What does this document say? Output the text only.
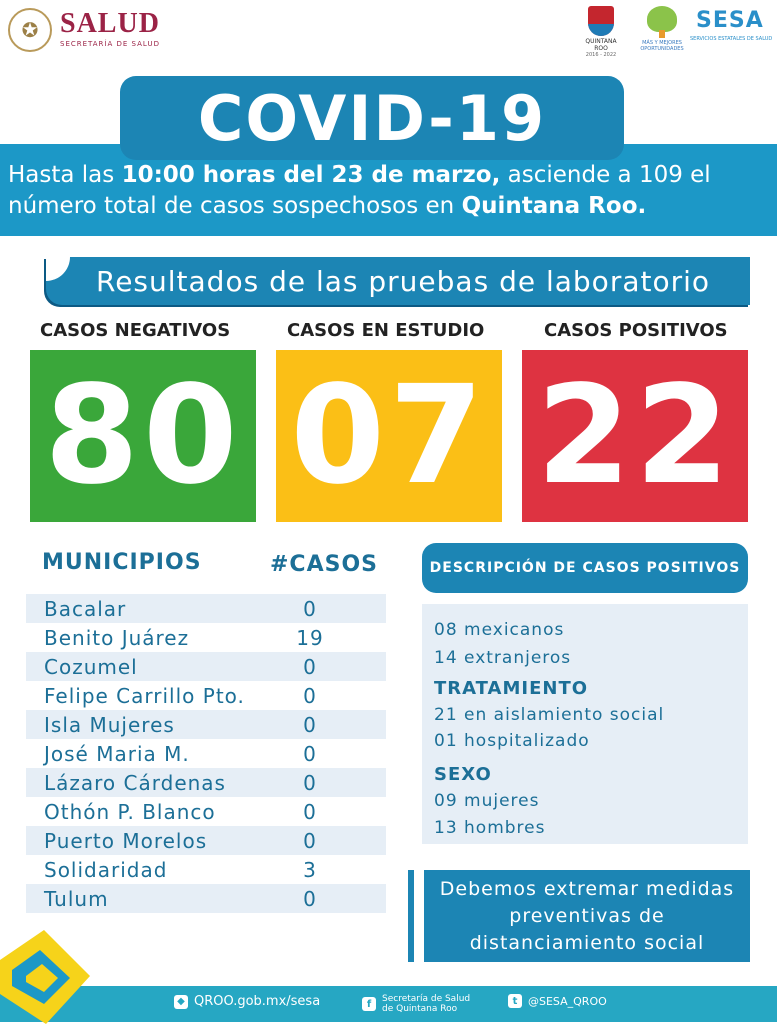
✪ SALUD
SECRETARÍA DE SALUD	QUINTANA ROO
2016 - 2022
MÁS Y MEJORES OPORTUNIDADES
SESA
SERVICIOS ESTATALES DE SALUD
COVID-19
Hasta las 10:00 horas del 23 de marzo, asciende a 109 el número total de casos sospechosos en Quintana Roo.
Resultados de las pruebas de laboratorio
CASOS NEGATIVOS	CASOS EN ESTUDIO	CASOS POSITIVOS
80 07 22
MUNICIPIOS	#CASOS
Bacalar	0
Benito Juárez	19
Cozumel	0
Felipe Carrillo Pto.	0
Isla Mujeres	0
José Maria M.	0
Lázaro Cárdenas	0
Othón P. Blanco	0
Puerto Morelos	0
Solidaridad	3
Tulum	0
DESCRIPCIÓN DE CASOS POSITIVOS
08 mexicanos
14 extranjeros
TRATAMIENTO
21 en aislamiento social
01 hospitalizado
SEXO
09 mujeres
13 hombres
Debemos extremar medidas preventivas de distanciamiento social
◆ QROO.gob.mx/sesa	f	Secretaría de Salud
de Quintana Roo
t @SESA_QROO
